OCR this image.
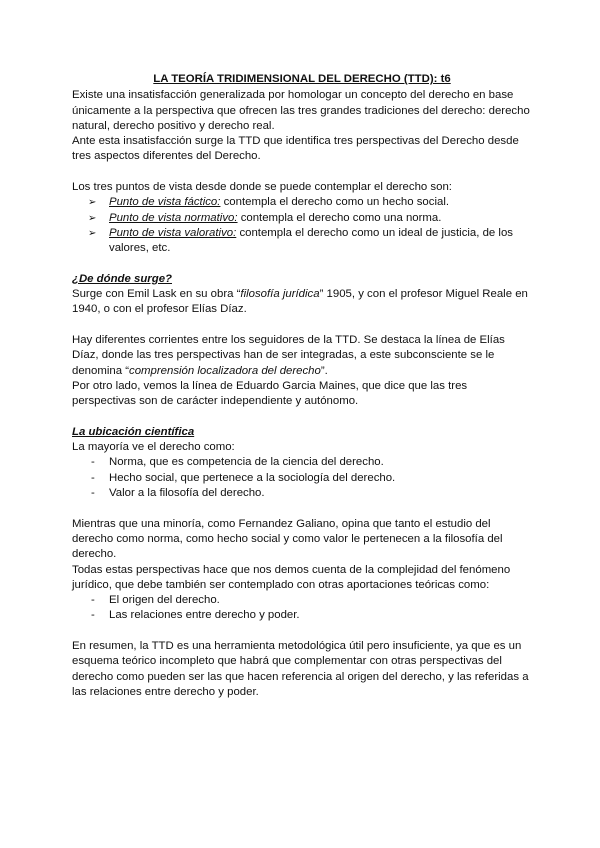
LA TEORÍA TRIDIMENSIONAL DEL DERECHO (TTD): t6

Existe una insatisfacción generalizada por homologar un concepto del derecho en base únicamente a la perspectiva que ofrecen las tres grandes tradiciones del derecho: derecho natural, derecho positivo y derecho real.

Ante esta insatisfacción surge la TTD que identifica tres perspectivas del Derecho desde tres aspectos diferentes del Derecho.

Los tres puntos de vista desde donde se puede contemplar el derecho son:

➢ Punto de vista fáctico: contempla el derecho como un hecho social.
➢ Punto de vista normativo: contempla el derecho como una norma.
➢ Punto de vista valorativo: contempla el derecho como un ideal de justicia, de los valores, etc.

¿De dónde surge?

Surge con Emil Lask en su obra “filosofía jurídica” 1905, y con el profesor Miguel Reale en 1940, o con el profesor Elías Díaz.

Hay diferentes corrientes entre los seguidores de la TTD. Se destaca la línea de Elías Díaz, donde las tres perspectivas han de ser integradas, a este subconsciente se le denomina “comprensión localizadora del derecho”.

Por otro lado, vemos la línea de Eduardo Garcia Maines, que dice que las tres perspectivas son de carácter independiente y autónomo.

La ubicación científica

La mayoría ve el derecho como:

- Norma, que es competencia de la ciencia del derecho.
- Hecho social, que pertenece a la sociología del derecho.
- Valor a la filosofía del derecho.

Mientras que una minoría, como Fernandez Galiano, opina que tanto el estudio del derecho como norma, como hecho social y como valor le pertenecen a la filosofía del derecho.

Todas estas perspectivas hace que nos demos cuenta de la complejidad del fenómeno jurídico, que debe también ser contemplado con otras aportaciones teóricas como:

- El origen del derecho.
- Las relaciones entre derecho y poder.

En resumen, la TTD es una herramienta metodológica útil pero insuficiente, ya que es un esquema teórico incompleto que habrá que complementar con otras perspectivas del derecho como pueden ser las que hacen referencia al origen del derecho, y las referidas a las relaciones entre derecho y poder.
